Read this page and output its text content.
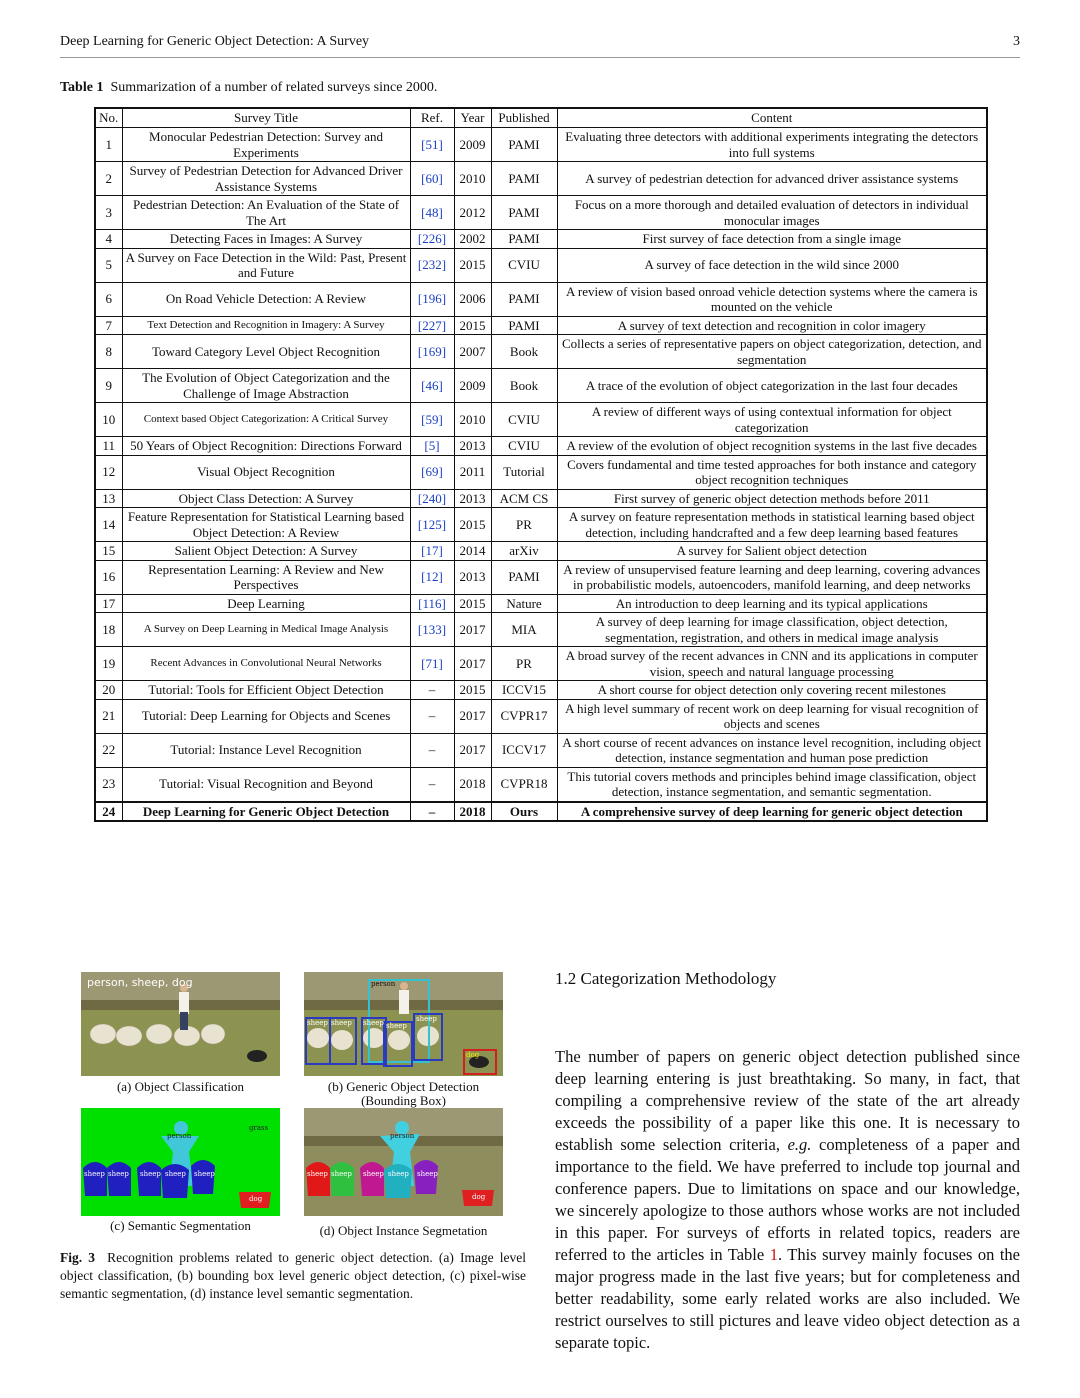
Deep Learning for Generic Object Detection: A Survey	3
Table 1 Summarization of a number of related surveys since 2000.
No.	Survey Title	Ref.	Year	Published	Content
1	Monocular Pedestrian Detection: Survey and Experiments	[51]	2009	PAMI	Evaluating three detectors with additional experiments integrating the detectors into full systems
2	Survey of Pedestrian Detection for Advanced Driver Assistance Systems	[60]	2010	PAMI	A survey of pedestrian detection for advanced driver assistance systems
3	Pedestrian Detection: An Evaluation of the State of The Art	[48]	2012	PAMI	Focus on a more thorough and detailed evaluation of detectors in individual monocular images
4	Detecting Faces in Images: A Survey	[226]	2002	PAMI	First survey of face detection from a single image
5	A Survey on Face Detection in the Wild: Past, Present and Future	[232]	2015	CVIU	A survey of face detection in the wild since 2000
6	On Road Vehicle Detection: A Review	[196]	2006	PAMI	A review of vision based onroad vehicle detection systems where the camera is mounted on the vehicle
7	Text Detection and Recognition in Imagery: A Survey	[227]	2015	PAMI	A survey of text detection and recognition in color imagery
8	Toward Category Level Object Recognition	[169]	2007	Book	Collects a series of representative papers on object categorization, detection, and segmentation
9	The Evolution of Object Categorization and the Challenge of Image Abstraction	[46]	2009	Book	A trace of the evolution of object categorization in the last four decades
10	Context based Object Categorization: A Critical Survey	[59]	2010	CVIU	A review of different ways of using contextual information for object categorization
11	50 Years of Object Recognition: Directions Forward	[5]	2013	CVIU	A review of the evolution of object recognition systems in the last five decades
12	Visual Object Recognition	[69]	2011	Tutorial	Covers fundamental and time tested approaches for both instance and category object recognition techniques
13	Object Class Detection: A Survey	[240]	2013	ACM CS	First survey of generic object detection methods before 2011
14	Feature Representation for Statistical Learning based Object Detection: A Review	[125]	2015	PR	A survey on feature representation methods in statistical learning based object detection, including handcrafted and a few deep learning based features
15	Salient Object Detection: A Survey	[17]	2014	arXiv	A survey for Salient object detection
16	Representation Learning: A Review and New Perspectives	[12]	2013	PAMI	A review of unsupervised feature learning and deep learning, covering advances in probabilistic models, autoencoders, manifold learning, and deep networks
17	Deep Learning	[116]	2015	Nature	An introduction to deep learning and its typical applications
18	A Survey on Deep Learning in Medical Image Analysis	[133]	2017	MIA	A survey of deep learning for image classification, object detection, segmentation, registration, and others in medical image analysis
19	Recent Advances in Convolutional Neural Networks	[71]	2017	PR	A broad survey of the recent advances in CNN and its applications in computer vision, speech and natural language processing
20	Tutorial: Tools for Efficient Object Detection	–	2015	ICCV15	A short course for object detection only covering recent milestones
21	Tutorial: Deep Learning for Objects and Scenes	–	2017	CVPR17	A high level summary of recent work on deep learning for visual recognition of objects and scenes
22	Tutorial: Instance Level Recognition	–	2017	ICCV17	A short course of recent advances on instance level recognition, including object detection, instance segmentation and human pose prediction
23	Tutorial: Visual Recognition and Beyond	–	2018	CVPR18	This tutorial covers methods and principles behind image classification, object detection, instance segmentation, and semantic segmentation.
24	Deep Learning for Generic Object Detection	–	2018	Ours	A comprehensive survey of deep learning for generic object detection
person, sheep, dog	person
sheep sheep sheep sheep
sheep
dog
person
grass
sheep sheep sheep sheep sheep
dog
person
sheep sheep sheep sheep sheep
dog
(a) Object Classification	(b) Generic Object Detection (Bounding Box)
(c) Semantic Segmentation	(d) Object Instance Segmetation
Fig. 3 Recognition problems related to generic object detection. (a) Image level object classification, (b) bounding box level generic object detection, (c) pixel-wise semantic segmentation, (d) instance level semantic segmentation.
1.2 Categorization Methodology
The number of papers on generic object detection published since deep learning entering is just breathtaking. So many, in fact, that compiling a comprehensive review of the state of the art already exceeds the possibility of a paper like this one. It is necessary to establish some selection criteria, e.g. completeness of a paper and importance to the field. We have preferred to include top journal and conference papers. Due to limitations on space and our knowledge, we sincerely apologize to those authors whose works are not included in this paper. For surveys of efforts in related topics, readers are referred to the articles in Table 1. This survey mainly focuses on the major progress made in the last five years; but for completeness and better readability, some early related works are also included. We restrict ourselves to still pictures and leave video object detection as a separate topic.
